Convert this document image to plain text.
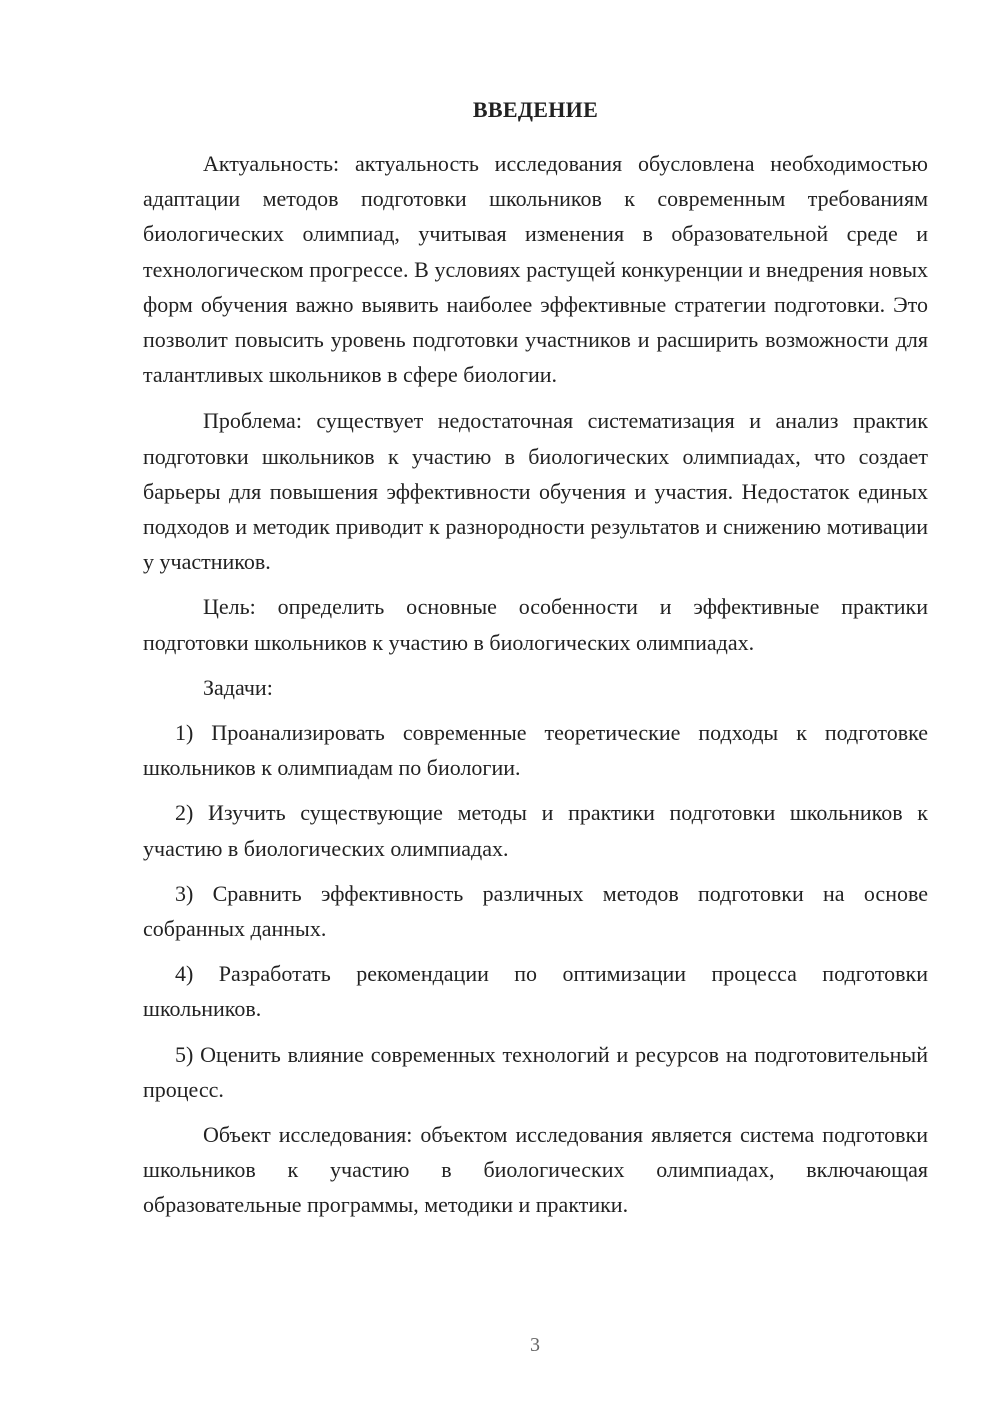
ВВЕДЕНИЕ

Актуальность: актуальность исследования обусловлена необходимостью адаптации методов подготовки школьников к современным требованиям биологических олимпиад, учитывая изменения в образовательной среде и технологическом прогрессе. В условиях растущей конкуренции и внедрения новых форм обучения важно выявить наиболее эффективные стратегии подготовки. Это позволит повысить уровень подготовки участников и расширить возможности для талантливых школьников в сфере биологии.

Проблема: существует недостаточная систематизация и анализ практик подготовки школьников к участию в биологических олимпиадах, что создает барьеры для повышения эффективности обучения и участия. Недостаток единых подходов и методик приводит к разнородности результатов и снижению мотивации у участников.

Цель: определить основные особенности и эффективные практики подготовки школьников к участию в биологических олимпиадах.

Задачи:

1) Проанализировать современные теоретические подходы к подготовке школьников к олимпиадам по биологии.

2) Изучить существующие методы и практики подготовки школьников к участию в биологических олимпиадах.

3) Сравнить эффективность различных методов подготовки на основе собранных данных.

4) Разработать рекомендации по оптимизации процесса подготовки школьников.

5) Оценить влияние современных технологий и ресурсов на подготовительный процесс.

Объект исследования: объектом исследования является система подготовки школьников к участию в биологических олимпиадах, включающая образовательные программы, методики и практики.

3
